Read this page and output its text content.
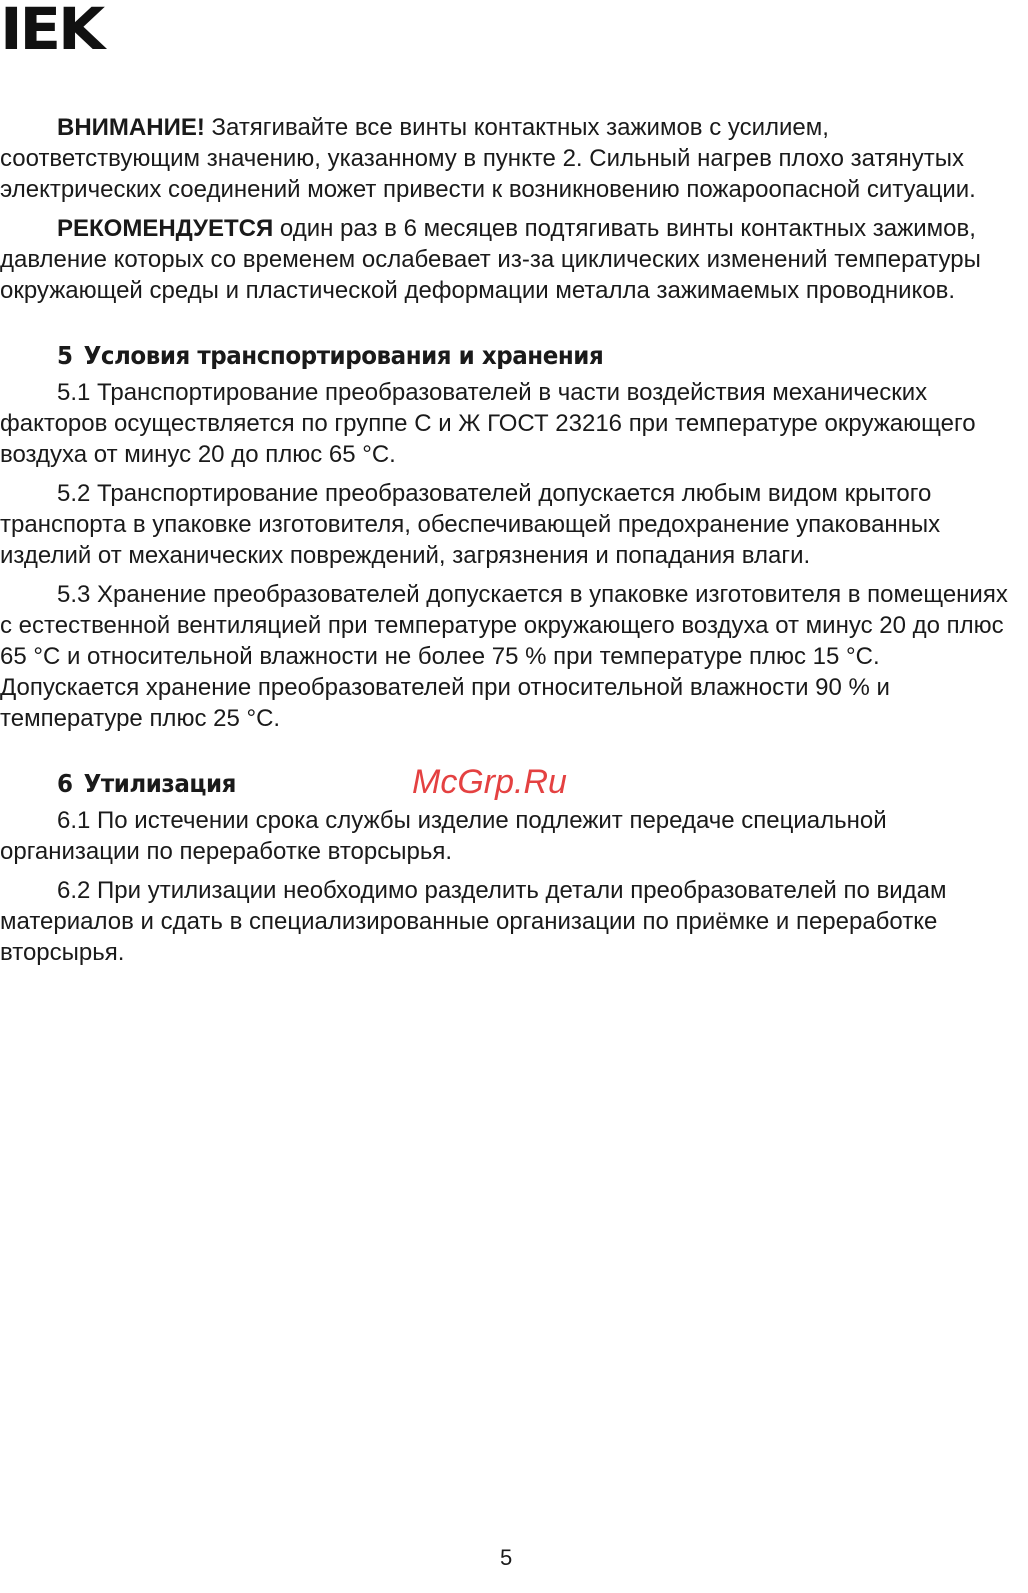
IEK

ВНИМАНИЕ! Затягивайте все винты контактных зажимов с усилием, соответствующим значению, указанному в пункте 2. Сильный нагрев плохо затянутых электрических соединений может привести к возникновению пожароопасной ситуации.

РЕКОМЕНДУЕТСЯ один раз в 6 месяцев подтягивать винты контактных зажимов, давление которых со временем ослабевает из-за циклических изменений температуры окружающей среды и пластической деформации металла зажимаемых проводников.

5 Условия транспортирования и хранения

5.1 Транспортирование преобразователей в части воздействия механических факторов осуществляется по группе С и Ж ГОСТ 23216 при температуре окружающего воздуха от минус 20 до плюс 65 °С.

5.2 Транспортирование преобразователей допускается любым видом крытого транспорта в упаковке изготовителя, обеспечивающей предохранение упакованных изделий от механических повреждений, загрязнения и попадания влаги.

5.3 Хранение преобразователей допускается в упаковке изготовителя в помещениях с естественной вентиляцией при температуре окружающего воздуха от минус 20 до плюс 65 °С и относительной влажности не более 75 % при температуре плюс 15 °С. Допускается хранение преобразователей при относительной влажности 90 % и температуре плюс 25 °С.

6 Утилизация

6.1 По истечении срока службы изделие подлежит передаче специальной организации по переработке вторсырья.

6.2 При утилизации необходимо разделить детали преобразователей по видам материалов и сдать в специализированные организации по приёмке и переработке вторсырья.

McGrp.Ru
5
